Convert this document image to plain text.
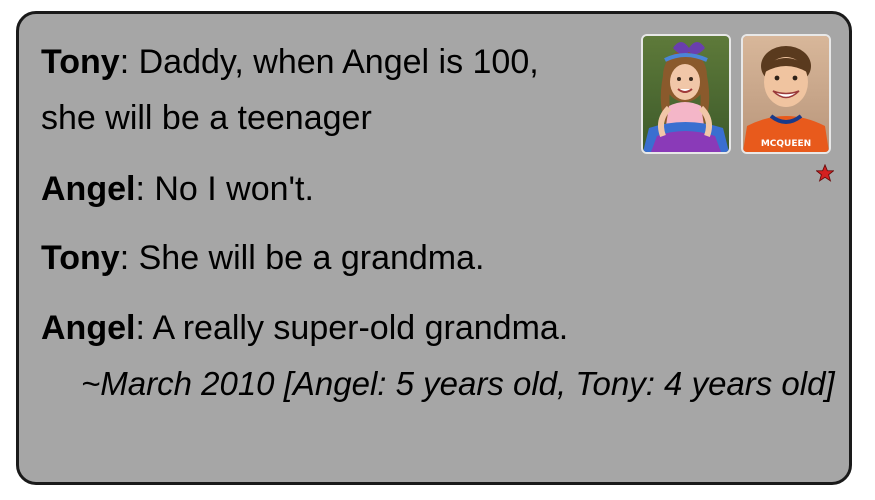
Tony: Daddy, when Angel is 100,
she will be a teenager
Angel: No I won't.
Tony: She will be a grandma.
Angel: A really super-old grandma.
~March 2010 [Angel: 5 years old, Tony: 4 years old]
MCQUEEN
